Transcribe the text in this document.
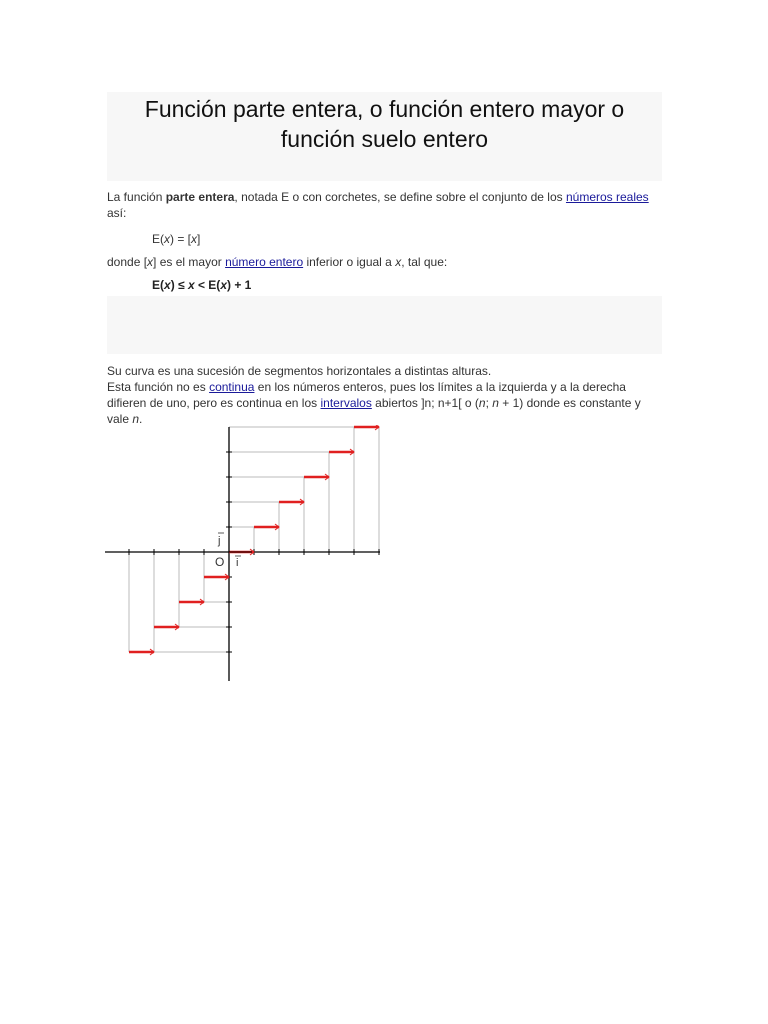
Función parte entera, o función entero mayor o función suelo entero

La función parte entera, notada E o con corchetes, se define sobre el conjunto de los números reales así:

E(x) = [x]

donde [x] es el mayor número entero inferior o igual a x, tal que:

E(x) ≤ x < E(x) + 1

Su curva es una sucesión de segmentos horizontales a distintas alturas.

Esta función no es continua en los números enteros, pues los límites a la izquierda y a la derecha difieren de uno, pero es continua en los intervalos abiertos ]n; n+1[ o (n; n + 1) donde es constante y vale n.

O
j
i
